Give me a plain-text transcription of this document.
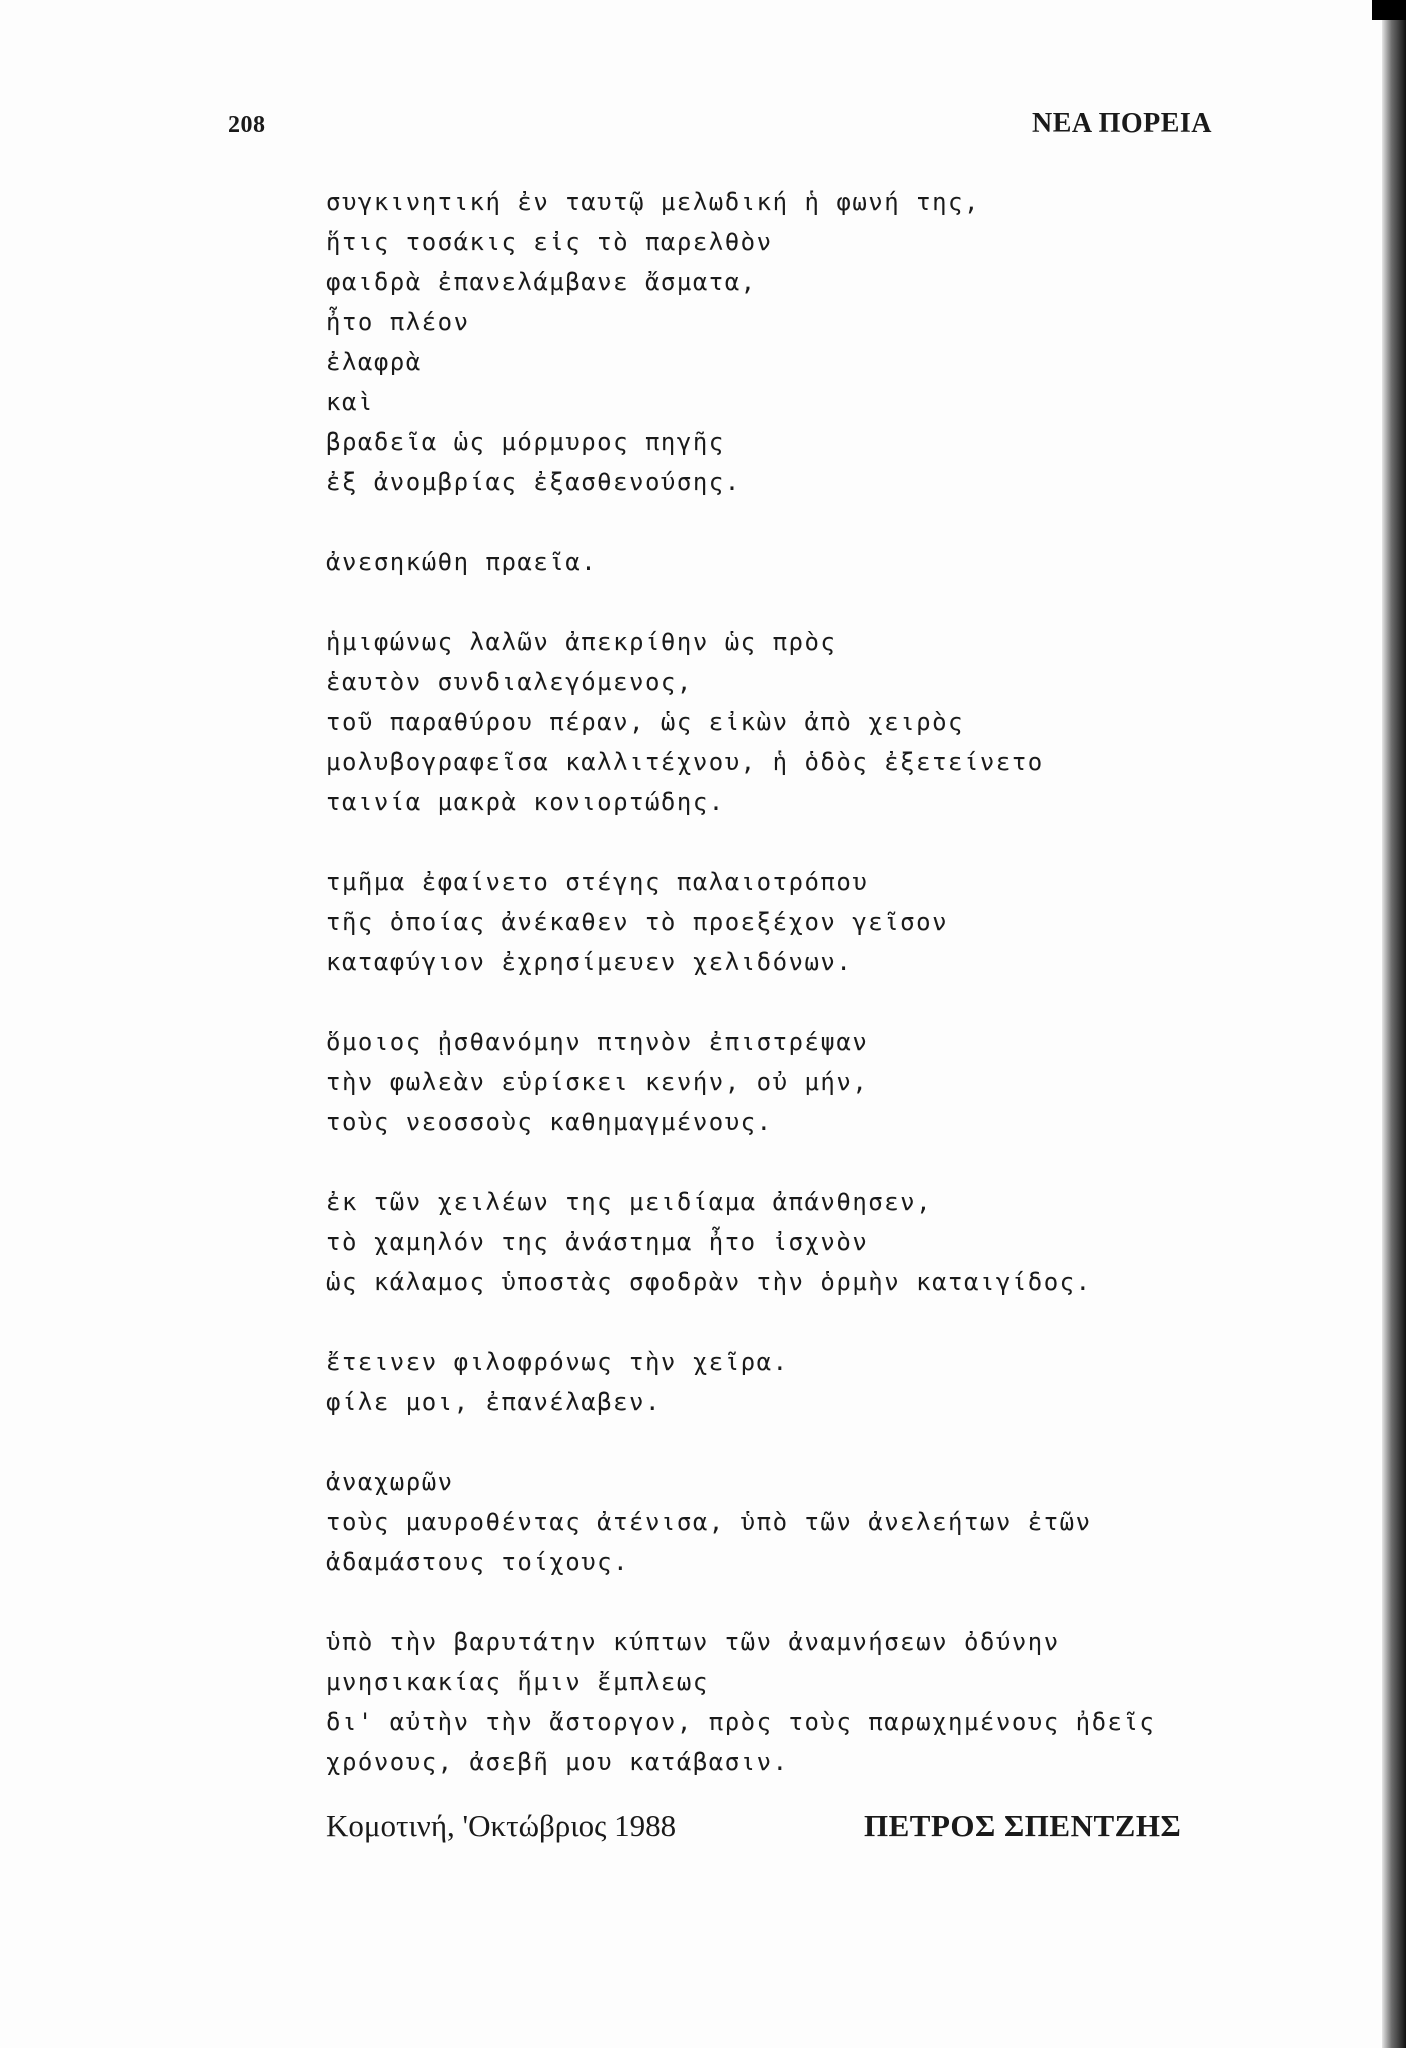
208	ΝΕΑ ΠΟΡΕΙΑ
συγκινητική ἐν ταυτῷ μελωδική ἡ φωνή της,
ἥτις τοσάκις εἰς τὸ παρελθὸν
φαιδρὰ ἐπανελάμβανε ἄσματα,
ἦτο πλέον
ἐλαφρὰ
καὶ
βραδεῖα ὡς μόρμυρος πηγῆς
ἐξ ἀνομβρίας ἐξασθενούσης.
ἀνεσηκώθη πραεῖα.
ἡμιφώνως λαλῶν ἀπεκρίθην ὡς πρὸς
ἑαυτὸν συνδιαλεγόμενος,
τοῦ παραθύρου πέραν, ὡς εἰκὼν ἀπὸ χειρὸς
μολυβογραφεῖσα καλλιτέχνου, ἡ ὁδὸς ἐξετείνετο
ταινία μακρὰ κονιορτώδης.
τμῆμα ἐφαίνετο στέγης παλαιοτρόπου
τῆς ὁποίας ἀνέκαθεν τὸ προεξέχον γεῖσον
καταφύγιον ἐχρησίμευεν χελιδόνων.
ὅμοιος ᾐσθανόμην πτηνὸν ἐπιστρέψαν
τὴν φωλεὰν εὑρίσκει κενήν, οὐ μήν,
τοὺς νεοσσοὺς καθημαγμένους.
ἐκ τῶν χειλέων της μειδίαμα ἀπάνθησεν,
τὸ χαμηλόν της ἀνάστημα ἦτο ἰσχνὸν
ὡς κάλαμος ὑποστὰς σφοδρὰν τὴν ὁρμὴν καταιγίδος.
ἔτεινεν φιλοφρόνως τὴν χεῖρα.
φίλε μοι, ἐπανέλαβεν.
ἀναχωρῶν
τοὺς μαυροθέντας ἀτένισα, ὑπὸ τῶν ἀνελεήτων ἐτῶν
ἀδαμάστους τοίχους.
ὑπὸ τὴν βαρυτάτην κύπτων τῶν ἀναμνήσεων ὀδύνην
μνησικακίας ἥμιν ἔμπλεως
δι' αὐτὴν τὴν ἄστοργον, πρὸς τοὺς παρωχημένους ἠδεῖς
χρόνους, ἀσεβῆ μου κατάβασιν.
Κομοτινή, 'Οκτώβριος 1988	ΠΕΤΡΟΣ ΣΠΕΝΤΖΗΣ
